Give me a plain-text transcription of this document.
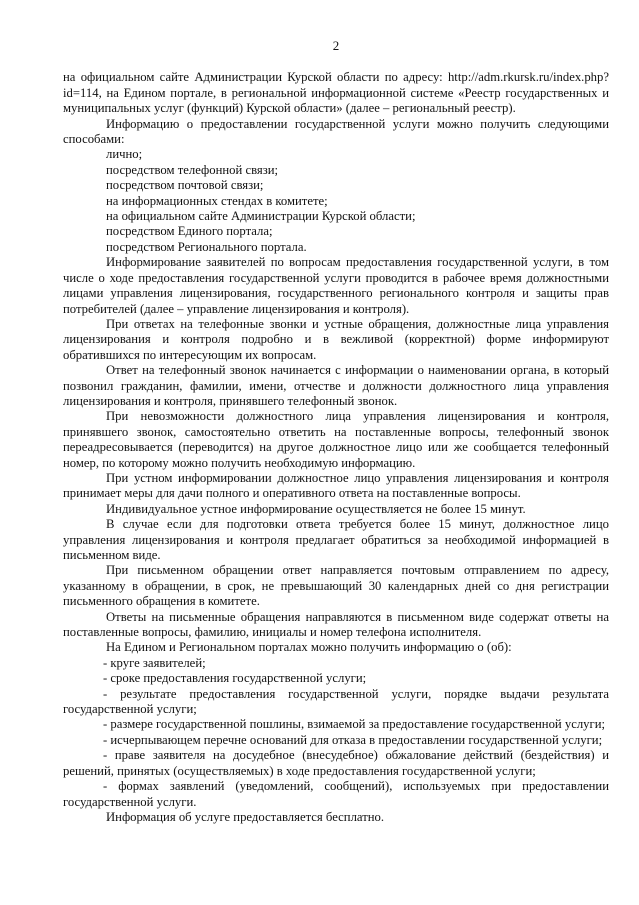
2

на официальном сайте Администрации Курской области по адресу: http://adm.rkursk.ru/index.php?id=114, на Едином портале, в региональной информационной системе «Реестр государственных и муниципальных услуг (функций) Курской области» (далее – региональный реестр).

Информацию о предоставлении государственной услуги можно получить следующими способами:

лично;

посредством телефонной связи;

посредством почтовой связи;

на информационных стендах в комитете;

на официальном сайте Администрации Курской области;

посредством Единого портала;

посредством Регионального портала.

Информирование заявителей по вопросам предоставления государственной услуги, в том числе о ходе предоставления государственной услуги проводится в рабочее время должностными лицами управления лицензирования, государственного регионального контроля и защиты прав потребителей (далее – управление лицензирования и контроля).

При ответах на телефонные звонки и устные обращения, должностные лица управления лицензирования и контроля подробно и в вежливой (корректной) форме информируют обратившихся по интересующим их вопросам.

Ответ на телефонный звонок начинается с информации о наименовании органа, в который позвонил гражданин, фамилии, имени, отчестве и должности должностного лица управления лицензирования и контроля, принявшего телефонный звонок.

При невозможности должностного лица управления лицензирования и контроля, принявшего звонок, самостоятельно ответить на поставленные вопросы, телефонный звонок переадресовывается (переводится) на другое должностное лицо или же сообщается телефонный номер, по которому можно получить необходимую информацию.

При устном информировании должностное лицо управления лицензирования и контроля принимает меры для дачи полного и оперативного ответа на поставленные вопросы.

Индивидуальное устное информирование осуществляется не более 15 минут.

В случае если для подготовки ответа требуется более 15 минут, должностное лицо управления лицензирования и контроля предлагает обратиться за необходимой информацией в письменном виде.

При письменном обращении ответ направляется почтовым отправлением по адресу, указанному в обращении, в срок, не превышающий 30 календарных дней со дня регистрации письменного обращения в комитете.

Ответы на письменные обращения направляются в письменном виде содержат ответы на поставленные вопросы, фамилию, инициалы и номер телефона исполнителя.

На Едином и Региональном порталах можно получить информацию о (об):

- круге заявителей;

- сроке предоставления государственной услуги;

- результате предоставления государственной услуги, порядке выдачи результата государственной услуги;

- размере государственной пошлины, взимаемой за предоставление государственной услуги;

- исчерпывающем перечне оснований для отказа в предоставлении государственной услуги;

- праве заявителя на досудебное (внесудебное) обжалование действий (бездействия) и решений, принятых (осуществляемых) в ходе предоставления государственной услуги;

- формах заявлений (уведомлений, сообщений), используемых при предоставлении государственной услуги.

Информация об услуге предоставляется бесплатно.
